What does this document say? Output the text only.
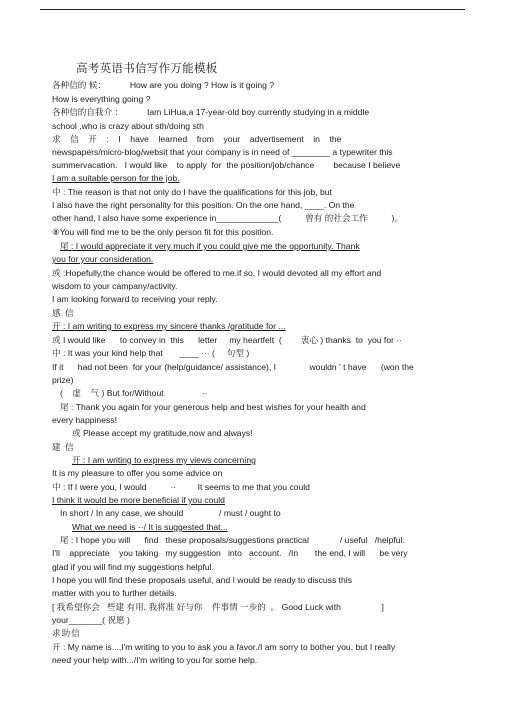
高考英语书信写作万能模板
各种信的 候：          How are you doing ? How is it going ?
How is everything going ?
各种信的自我介 ：          Iam LiHua,a 17-year-old boy currently studying in a middle
school ,who is crazy about sth/doing sth
求    信    开    :    I    have    learned    from    your    advertisement    in    the
newspapers/micro-blog/websit that your company is in need of ________ a typewriter this
summervacation.   I would like    to apply  for  the position/job/chance        because I believe
I am a suitable person for the job.
中 : The reason is that not only do I have the qualifications for this job, but
I also have the right personality for this position. On the one hand, ____. On the
other hand, I also have some experience in_____________(          曾有 的社会工作          )。
⑧You will find me to be the only person fit for this position.
尾 : I would appreciate it very much if you could give me the opportunity. Thank
you for your consideration.
或 :Hopefully,the chance would be offered to me.if so, I would devoted all my effort and
wisdom to your campany/activity.
I am looking forward to receiving your reply.
感 信
开 : I am writing to express my sincere thanks /gratitude for ...
或 I would like      to convey in  this      letter     my heartfelt  (        衷心 ) thanks  to  you for ··
中 : It was your kind help that       ____ ··· (     句型 )
If it      had not been  for your (help/guidance/ assistance), I              wouldn ' t have      (won the
prize)
(    虚    气 ) But for/Without                ··
尾 : Thank you again for your generous help and best wishes for your health and
every happiness!
或 Please accept my gratitude,now and always!
建 信
开 : I am writing to express my views concerning
It is my pleasure to offer you some advice on
中 : If I were you, I would          ··         It seems to me that you could
I think it would be more beneficial if you could
In short / In any case, we should               / must / ought to
What we need is ··/ It is suggested that...
尾 : I hope you will      find   these proposals/suggestions practical             / useful   /helpful.
I'll    appreciate    you taking   my suggestion   into   account.   /In       the end, I will      be very
glad if you will find my suggestions helpful.
I hope you will find these proposals useful, and I would be ready to discuss this
matter with you to further details.
[ 我希望你会   些建 有用, 我将准 好与你    件事情 一步的  。 Good Luck with                 ]
your_______( 祝愿 )
求助信
开 : My name is...,I'm writing to you to ask you a favor./I am sorry to bother you, but I really
need your help with.../I'm writing to you for some help.
